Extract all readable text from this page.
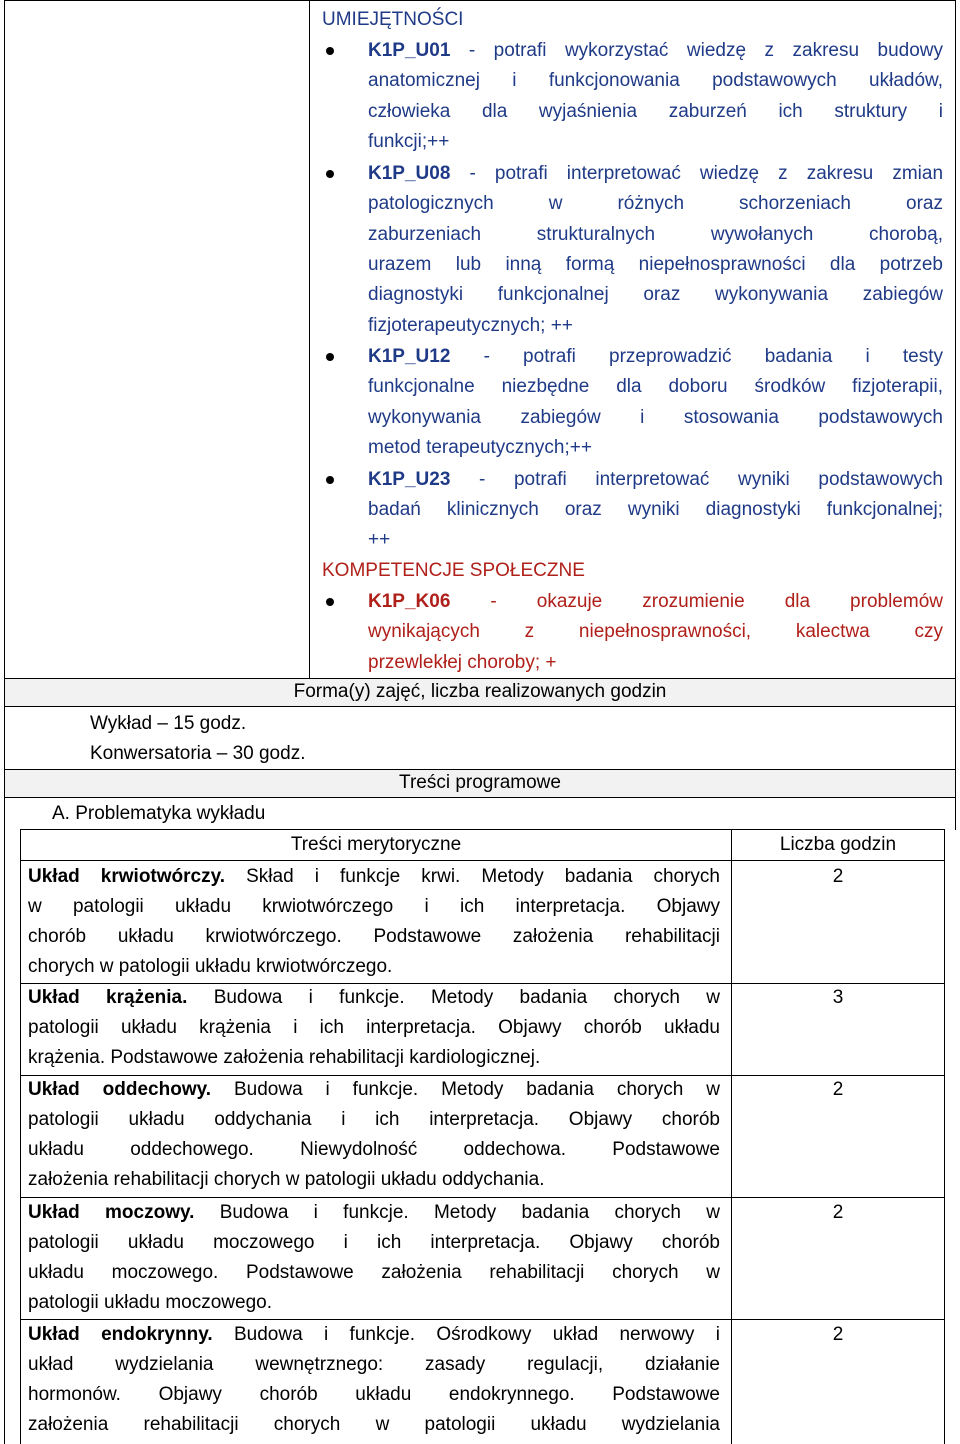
UMIEJĘTNOŚCI
K1P_U01 - potrafi wykorzystać wiedzę z zakresu budowy
anatomicznej i funkcjonowania podstawowych układów,
człowieka dla wyjaśnienia zaburzeń ich struktury i
funkcji;++
K1P_U08 - potrafi interpretować wiedzę z zakresu zmian
patologicznych w różnych schorzeniach oraz
zaburzeniach strukturalnych wywołanych chorobą,
urazem lub inną formą niepełnosprawności dla potrzeb
diagnostyki funkcjonalnej oraz wykonywania zabiegów
fizjoterapeutycznych; ++
K1P_U12 - potrafi przeprowadzić badania i testy
funkcjonalne niezbędne dla doboru środków fizjoterapii,
wykonywania zabiegów i stosowania podstawowych
metod terapeutycznych;++
K1P_U23 - potrafi interpretować wyniki podstawowych
badań klinicznych oraz wyniki diagnostyki funkcjonalnej;
++
KOMPETENCJE SPOŁECZNE
K1P_K06 - okazuje zrozumienie dla problemów
wynikających z niepełnosprawności, kalectwa czy
przewlekłej choroby; +
Forma(y) zajęć, liczba realizowanych godzin
Wykład – 15 godz.
Konwersatoria – 30 godz.
Treści programowe
A. Problematyka wykładu
Treści merytoryczne	Liczba godzin
Układ krwiotwórczy. Skład i funkcje krwi. Metody badania chorych
w patologii układu krwiotwórczego i ich interpretacja. Objawy
chorób układu krwiotwórczego. Podstawowe założenia rehabilitacji
chorych w patologii układu krwiotwórczego.
2
Układ krążenia. Budowa i funkcje. Metody badania chorych w
patologii układu krążenia i ich interpretacja. Objawy chorób układu
krążenia. Podstawowe założenia rehabilitacji kardiologicznej.
3
Układ oddechowy. Budowa i funkcje. Metody badania chorych w
patologii układu oddychania i ich interpretacja. Objawy chorób
układu oddechowego. Niewydolność oddechowa. Podstawowe
założenia rehabilitacji chorych w patologii układu oddychania.
2
Układ moczowy. Budowa i funkcje. Metody badania chorych w
patologii układu moczowego i ich interpretacja. Objawy chorób
układu moczowego. Podstawowe założenia rehabilitacji chorych w
patologii układu moczowego.
2
Układ endokrynny. Budowa i funkcje. Ośrodkowy układ nerwowy i
układ wydzielania wewnętrznego: zasady regulacji, działanie
hormonów. Objawy chorób układu endokrynnego. Podstawowe
założenia rehabilitacji chorych w patologii układu wydzielania
2
